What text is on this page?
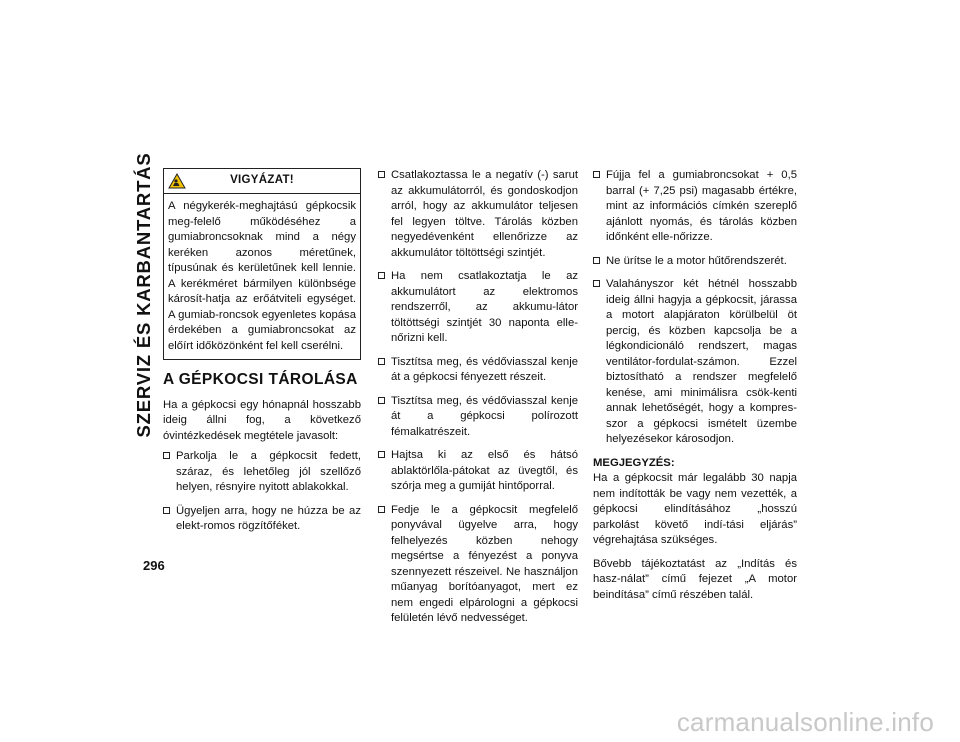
SZERVIZ ÉS KARBANTARTÁS
296
VIGYÁZAT!
A négykerék-meghajtású gépkocsik meg-felelő működéséhez a gumiabroncsoknak mind a négy keréken azonos méretűnek, típusúnak és kerületűnek kell lennie. A kerékméret bármilyen különbsége károsít-hatja az erőátviteli egységet. A gumiab-roncsok egyenletes kopása érdekében a gumiabroncsokat az előírt időközönként fel kell cserélni.
A GÉPKOCSI TÁROLÁSA

Ha a gépkocsi egy hónapnál hosszabb ideig állni fog, a következő óvintézkedések megtétele javasolt:

Parkolja le a gépkocsit fedett, száraz, és lehetőleg jól szellőző helyen, résnyire nyitott ablakokkal.
Ügyeljen arra, hogy ne húzza be az elekt-romos rögzítőféket.
Csatlakoztassa le a negatív (-) sarut az akkumulátorról, és gondoskodjon arról, hogy az akkumulátor teljesen fel legyen töltve. Tárolás közben negyedévenként ellenőrizze az akkumulátor töltöttségi szintjét.
Ha nem csatlakoztatja le az akkumulátort az elektromos rendszerről, az akkumu-látor töltöttségi szintjét 30 naponta elle-nőrizni kell.
Tisztítsa meg, és védőviasszal kenje át a gépkocsi fényezett részeit.
Tisztítsa meg, és védőviasszal kenje át a gépkocsi polírozott fémalkatrészeit.
Hajtsa ki az első és hátsó ablaktörlőla-pátokat az üvegtől, és szórja meg a gumiját hintőporral.
Fedje le a gépkocsit megfelelő ponyvával ügyelve arra, hogy felhelyezés közben nehogy megsértse a fényezést a ponyva szennyezett részeivel. Ne használjon műanyag borítóanyagot, mert ez nem engedi elpárologni a gépkocsi felületén lévő nedvességet.
Fújja fel a gumiabroncsokat + 0,5 barral (+ 7,25 psi) magasabb értékre, mint az információs címkén szereplő ajánlott nyomás, és tárolás közben időnként elle-nőrizze.
Ne ürítse le a motor hűtőrendszerét.
Valahányszor két hétnél hosszabb ideig állni hagyja a gépkocsit, járassa a motort alapjáraton körülbelül öt percig, és közben kapcsolja be a légkondicionáló rendszert, magas ventilátor-fordulat-számon. Ezzel biztosítható a rendszer megfelelő kenése, ami minimálisra csök-kenti annak lehetőségét, hogy a kompres-szor a gépkocsi ismételt üzembe helyezésekor károsodjon.
MEGJEGYZÉS:
Ha a gépkocsit már legalább 30 napja nem indították be vagy nem vezették, a gépkocsi elindításához „hosszú parkolást követő indí-tási eljárás” végrehajtása szükséges.
Bővebb tájékoztatást az „Indítás és hasz-nálat” című fejezet „A motor beindítása” című részében talál.
carmanualsonline.info
